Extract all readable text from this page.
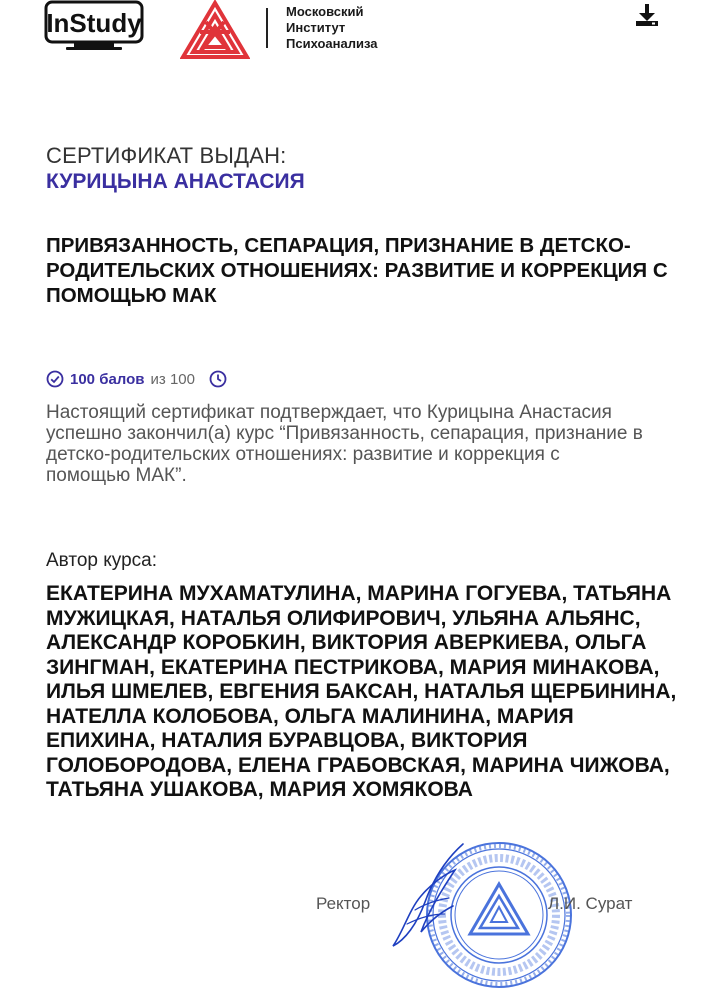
InStudy	Московский
Институт
Психоанализа
СЕРТИФИКАТ ВЫДАН:
КУРИЦЫНА АНАСТАСИЯ
ПРИВЯЗАННОСТЬ, СЕПАРАЦИЯ, ПРИЗНАНИЕ В ДЕТСКО-РОДИТЕЛЬСКИХ ОТНОШЕНИЯХ: РАЗВИТИЕ И КОРРЕКЦИЯ С ПОМОЩЬЮ МАК
100 балов из 100
Настоящий сертификат подтверждает, что Курицына Анастасия успешно закончил(а) курс “Привязанность, сепарация, признание в детско-родительских отношениях: развитие и коррекция с помощью МАК”.
Автор курса:
ЕКАТЕРИНА МУХАМАТУЛИНА, МАРИНА ГОГУЕВА, ТАТЬЯНА МУЖИЦКАЯ, НАТАЛЬЯ ОЛИФИРОВИЧ, УЛЬЯНА АЛЬЯНС, АЛЕКСАНДР КОРОБКИН, ВИКТОРИЯ АВЕРКИЕВА, ОЛЬГА ЗИНГМАН, ЕКАТЕРИНА ПЕСТРИКОВА, МАРИЯ МИНАКОВА, ИЛЬЯ ШМЕЛЕВ, ЕВГЕНИЯ БАКСАН, НАТАЛЬЯ ЩЕРБИНИНА, НАТЕЛЛА КОЛОБОВА, ОЛЬГА МАЛИНИНА, МАРИЯ ЕПИХИНА, НАТАЛИЯ БУРАВЦОВА, ВИКТОРИЯ ГОЛОБОРОДОВА, ЕЛЕНА ГРАБОВСКАЯ, МАРИНА ЧИЖОВА, ТАТЬЯНА УШАКОВА, МАРИЯ ХОМЯКОВА
Ректор	Л.И. Сурат
